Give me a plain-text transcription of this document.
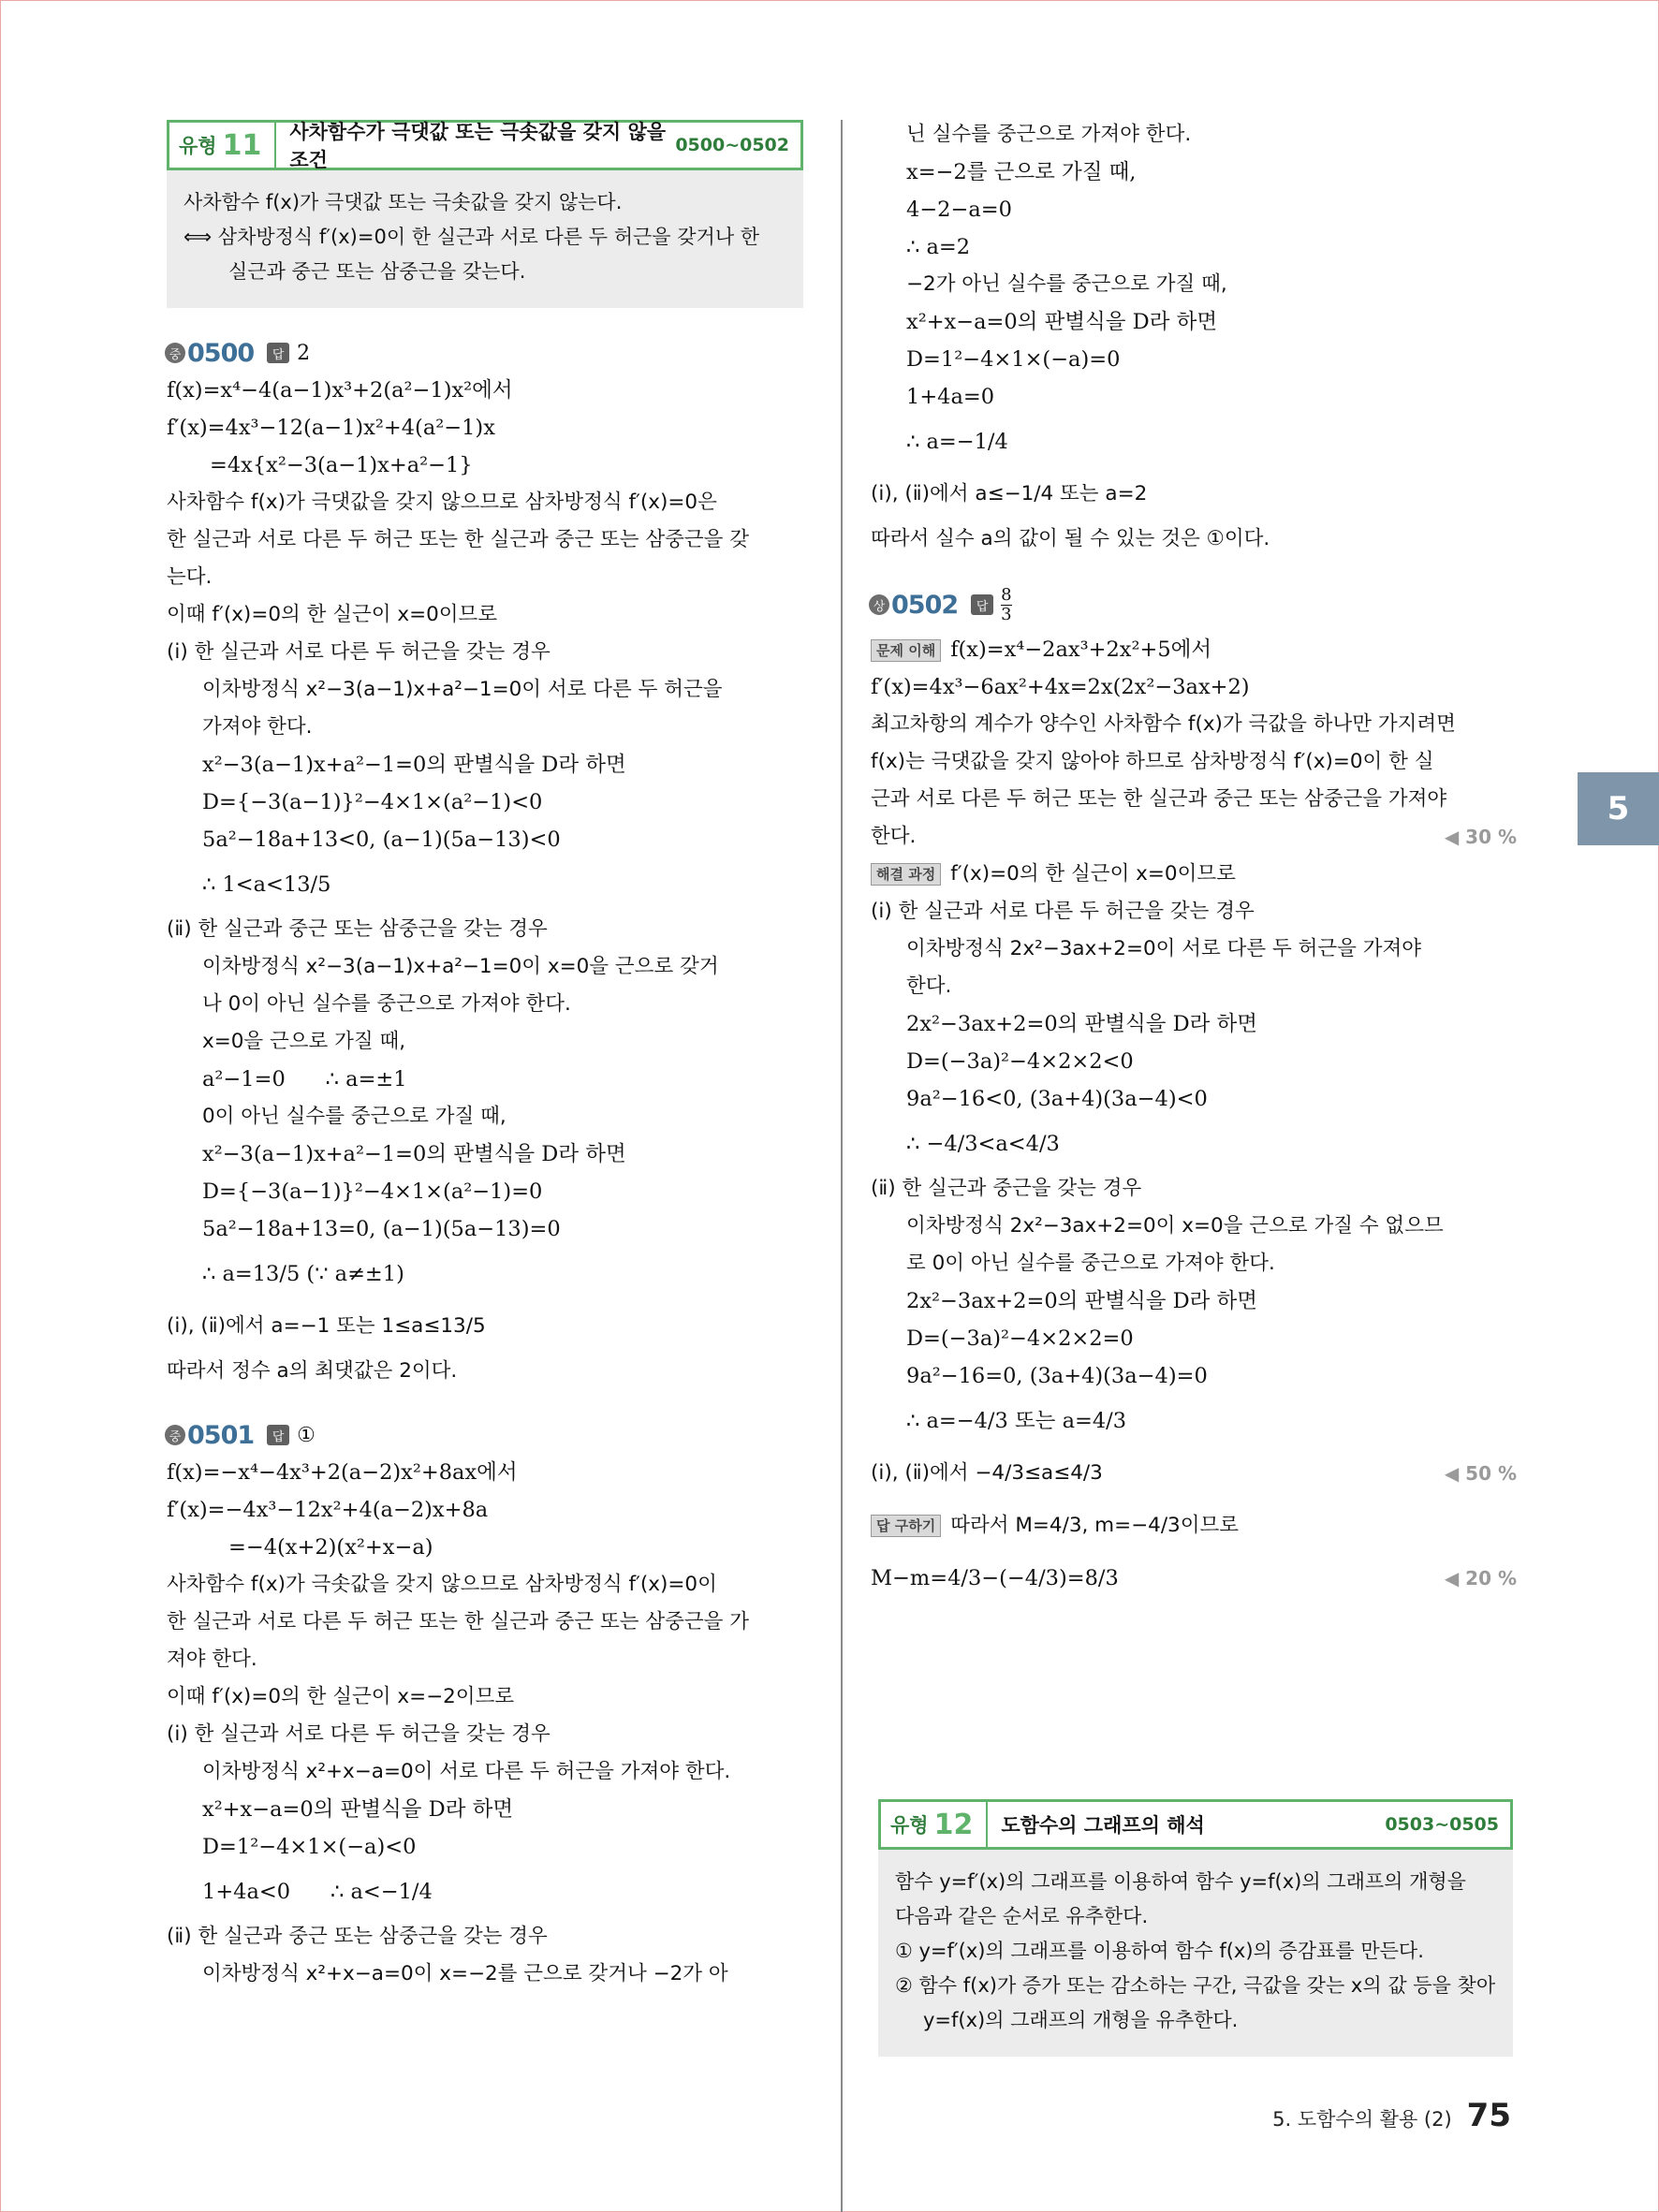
유형 11	사차함수가 극댓값 또는 극솟값을 갖지 않을 조건
0500~0502
사차함수 f(x)가 극댓값 또는 극솟값을 갖지 않는다.
⟺ 삼차방정식 f′(x)=0이 한 실근과 서로 다른 두 허근을 갖거나 한
실근과 중근 또는 삼중근을 갖는다.
중 0500	답 2
f(x)=x⁴−4(a−1)x³+2(a²−1)x²에서
f′(x)=4x³−12(a−1)x²+4(a²−1)x
=4x{x²−3(a−1)x+a²−1}
사차함수 f(x)가 극댓값을 갖지 않으므로 삼차방정식 f′(x)=0은
한 실근과 서로 다른 두 허근 또는 한 실근과 중근 또는 삼중근을 갖
는다.
이때 f′(x)=0의 한 실근이 x=0이므로
(ⅰ) 한 실근과 서로 다른 두 허근을 갖는 경우
이차방정식 x²−3(a−1)x+a²−1=0이 서로 다른 두 허근을
가져야 한다.
x²−3(a−1)x+a²−1=0의 판별식을 D라 하면
D={−3(a−1)}²−4×1×(a²−1)<0
5a²−18a+13<0, (a−1)(5a−13)<0
∴ 1<a<13/5
(ⅱ) 한 실근과 중근 또는 삼중근을 갖는 경우
이차방정식 x²−3(a−1)x+a²−1=0이 x=0을 근으로 갖거
나 0이 아닌 실수를 중근으로 가져야 한다.
x=0을 근으로 가질 때,
a²−1=0      ∴ a=±1
0이 아닌 실수를 중근으로 가질 때,
x²−3(a−1)x+a²−1=0의 판별식을 D라 하면
D={−3(a−1)}²−4×1×(a²−1)=0
5a²−18a+13=0, (a−1)(5a−13)=0
∴ a=13/5 (∵ a≠±1)
(ⅰ), (ⅱ)에서 a=−1 또는 1≤a≤13/5
따라서 정수 a의 최댓값은 2이다.
중 0501	답 ①
f(x)=−x⁴−4x³+2(a−2)x²+8ax에서
f′(x)=−4x³−12x²+4(a−2)x+8a
=−4(x+2)(x²+x−a)
사차함수 f(x)가 극솟값을 갖지 않으므로 삼차방정식 f′(x)=0이
한 실근과 서로 다른 두 허근 또는 한 실근과 중근 또는 삼중근을 가
져야 한다.
이때 f′(x)=0의 한 실근이 x=−2이므로
(ⅰ) 한 실근과 서로 다른 두 허근을 갖는 경우
이차방정식 x²+x−a=0이 서로 다른 두 허근을 가져야 한다.
x²+x−a=0의 판별식을 D라 하면
D=1²−4×1×(−a)<0
1+4a<0      ∴ a<−1/4
(ⅱ) 한 실근과 중근 또는 삼중근을 갖는 경우
이차방정식 x²+x−a=0이 x=−2를 근으로 갖거나 −2가 아
닌 실수를 중근으로 가져야 한다.
x=−2를 근으로 가질 때,
4−2−a=0
∴ a=2
−2가 아닌 실수를 중근으로 가질 때,
x²+x−a=0의 판별식을 D라 하면
D=1²−4×1×(−a)=0
1+4a=0
∴ a=−1/4
(ⅰ), (ⅱ)에서 a≤−1/4 또는 a=2
따라서 실수 a의 값이 될 수 있는 것은 ①이다.
상 0502	답 $\frac{8}{3}$
문제 이해 f(x)=x⁴−2ax³+2x²+5에서
f′(x)=4x³−6ax²+4x=2x(2x²−3ax+2)
최고차항의 계수가 양수인 사차함수 f(x)가 극값을 하나만 가지려면
f(x)는 극댓값을 갖지 않아야 하므로 삼차방정식 f′(x)=0이 한 실
근과 서로 다른 두 허근 또는 한 실근과 중근 또는 삼중근을 가져야
한다.	◀ 30 %
해결 과정 f′(x)=0의 한 실근이 x=0이므로
(ⅰ) 한 실근과 서로 다른 두 허근을 갖는 경우
이차방정식 2x²−3ax+2=0이 서로 다른 두 허근을 가져야
한다.
2x²−3ax+2=0의 판별식을 D라 하면
D=(−3a)²−4×2×2<0
9a²−16<0, (3a+4)(3a−4)<0
∴ −4/3<a<4/3
(ⅱ) 한 실근과 중근을 갖는 경우
이차방정식 2x²−3ax+2=0이 x=0을 근으로 가질 수 없으므
로 0이 아닌 실수를 중근으로 가져야 한다.
2x²−3ax+2=0의 판별식을 D라 하면
D=(−3a)²−4×2×2=0
9a²−16=0, (3a+4)(3a−4)=0
∴ a=−4/3 또는 a=4/3
(ⅰ), (ⅱ)에서 −4/3≤a≤4/3	◀ 50 %
답 구하기 따라서 M=4/3, m=−4/3이므로
M−m=4/3−(−4/3)=8/3	◀ 20 %
유형 12	도함수의 그래프의 해석	0503~0505
함수 y=f′(x)의 그래프를 이용하여 함수 y=f(x)의 그래프의 개형을
다음과 같은 순서로 유추한다.
① y=f′(x)의 그래프를 이용하여 함수 f(x)의 증감표를 만든다.
② 함수 f(x)가 증가 또는 감소하는 구간, 극값을 갖는 x의 값 등을 찾아
y=f(x)의 그래프의 개형을 유추한다.
5
5. 도함수의 활용 (2) 75
